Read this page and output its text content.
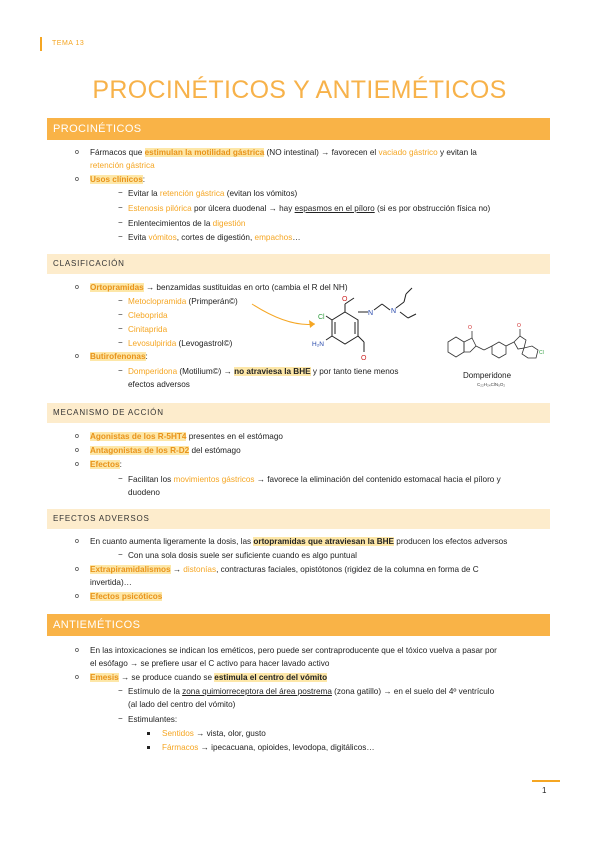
TEMA 13
PROCINÉTICOS Y ANTIEMÉTICOS
PROCINÉTICOS
o Fármacos que estimulan la motilidad gástrica (NO intestinal) → favorecen el vaciado gástrico y evitan la
retención gástrica
o Usos clínicos:
− Evitar la retención gástrica (evitan los vómitos)
− Estenosis pilórica por úlcera duodenal → hay espasmos en el píloro (si es por obstrucción física no)
− Enlentecimientos de la digestión
− Evita vómitos, cortes de digestión, empachos…
CLASIFICACIÓN
o Ortopramidas → benzamidas sustituidas en orto (cambia el R del NH)
− Metoclopramida (Primperán©)
− Cleboprida
− Cinitaprida
− Levosulpirida (Levogastrol©)
o Butirofenonas:
− Domperidona (Motilium©) → no atraviesa la BHE y por tanto tiene menos
efectos adversos
Cl
H₂N
O
O
N	N
O	O
Cl
Domperidone
C₂₂H₂₄ClN₅O₂
MECANISMO DE ACCIÓN
o Agonistas de los R-5HT4 presentes en el estómago
o Antagonistas de los R-D2 del estómago
o Efectos:
− Facilitan los movimientos gástricos → favorece la eliminación del contenido estomacal hacia el píloro y
duodeno
EFECTOS ADVERSOS
o En cuanto aumenta ligeramente la dosis, las ortopramidas que atraviesan la BHE producen los efectos adversos
− Con una sola dosis suele ser suficiente cuando es algo puntual
o Extrapiramidalismos → distonías, contracturas faciales, opistótonos (rigidez de la columna en forma de C
invertida)…
o Efectos psicóticos
ANTIEMÉTICOS
o En las intoxicaciones se indican los eméticos, pero puede ser contraproducente que el tóxico vuelva a pasar por
el esófago → se prefiere usar el C activo para hacer lavado activo
o Emesis → se produce cuando se estimula el centro del vómito
− Estímulo de la zona quimiorreceptora del área postrema (zona gatillo) → en el suelo del 4º ventrículo
(al lado del centro del vómito)
− Estimulantes:
Sentidos → vista, olor, gusto
Fármacos → ipecacuana, opioides, levodopa, digitálicos…
1
